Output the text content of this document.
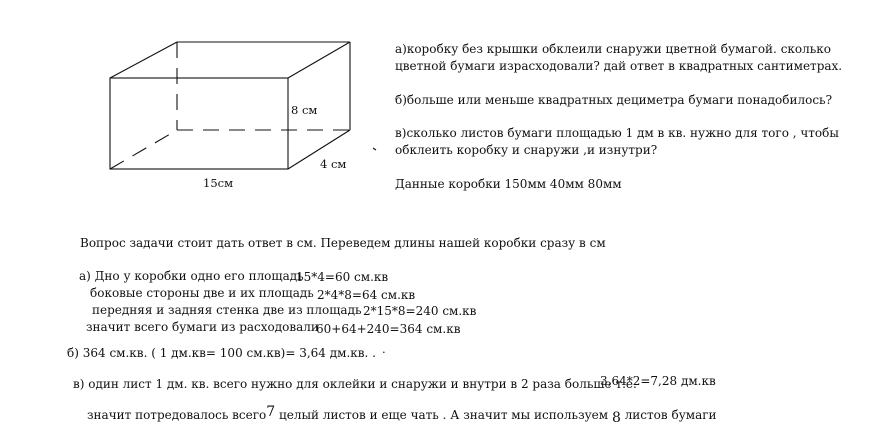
8 см
4 см
15см
а)коробку без крышки обклеили снаружи цветной бумагой. сколько
цветной бумаги израсходовали? дай ответ в квадратных сантиметрах.
б)больше или меньше квадратных дециметра бумаги понадобилось?
в)сколько листов бумаги площадью 1 дм в кв. нужно для того , чтобы
обклеить коробку и снаружи ,и изнутри?
Данные коробки 150мм 40мм 80мм
Вопрос задачи стоит дать ответ в см. Переведем длины нашей коробки сразу в см
а) Дно у коробки одно его площадь
15*4=60 см.кв
боковые стороны две и их площадь 2*4*8=64 см.кв
передняя и задняя стенка две из площадь 2*15*8=240 см.кв
значит всего бумаги из расходовали
60+64+240=364 см.кв
б) 364 см.кв. ( 1 дм.кв= 100 см.кв)= 3,64 дм.кв. . .
в) один лист 1 дм. кв. всего нужно для оклейки и снаружи и внутри в 2 раза больше т.е.
3,64*2=7,28 дм.кв
значит потредовалось всего7 целый листов и еще чать . А значит мы используем 8 листов бумаги
